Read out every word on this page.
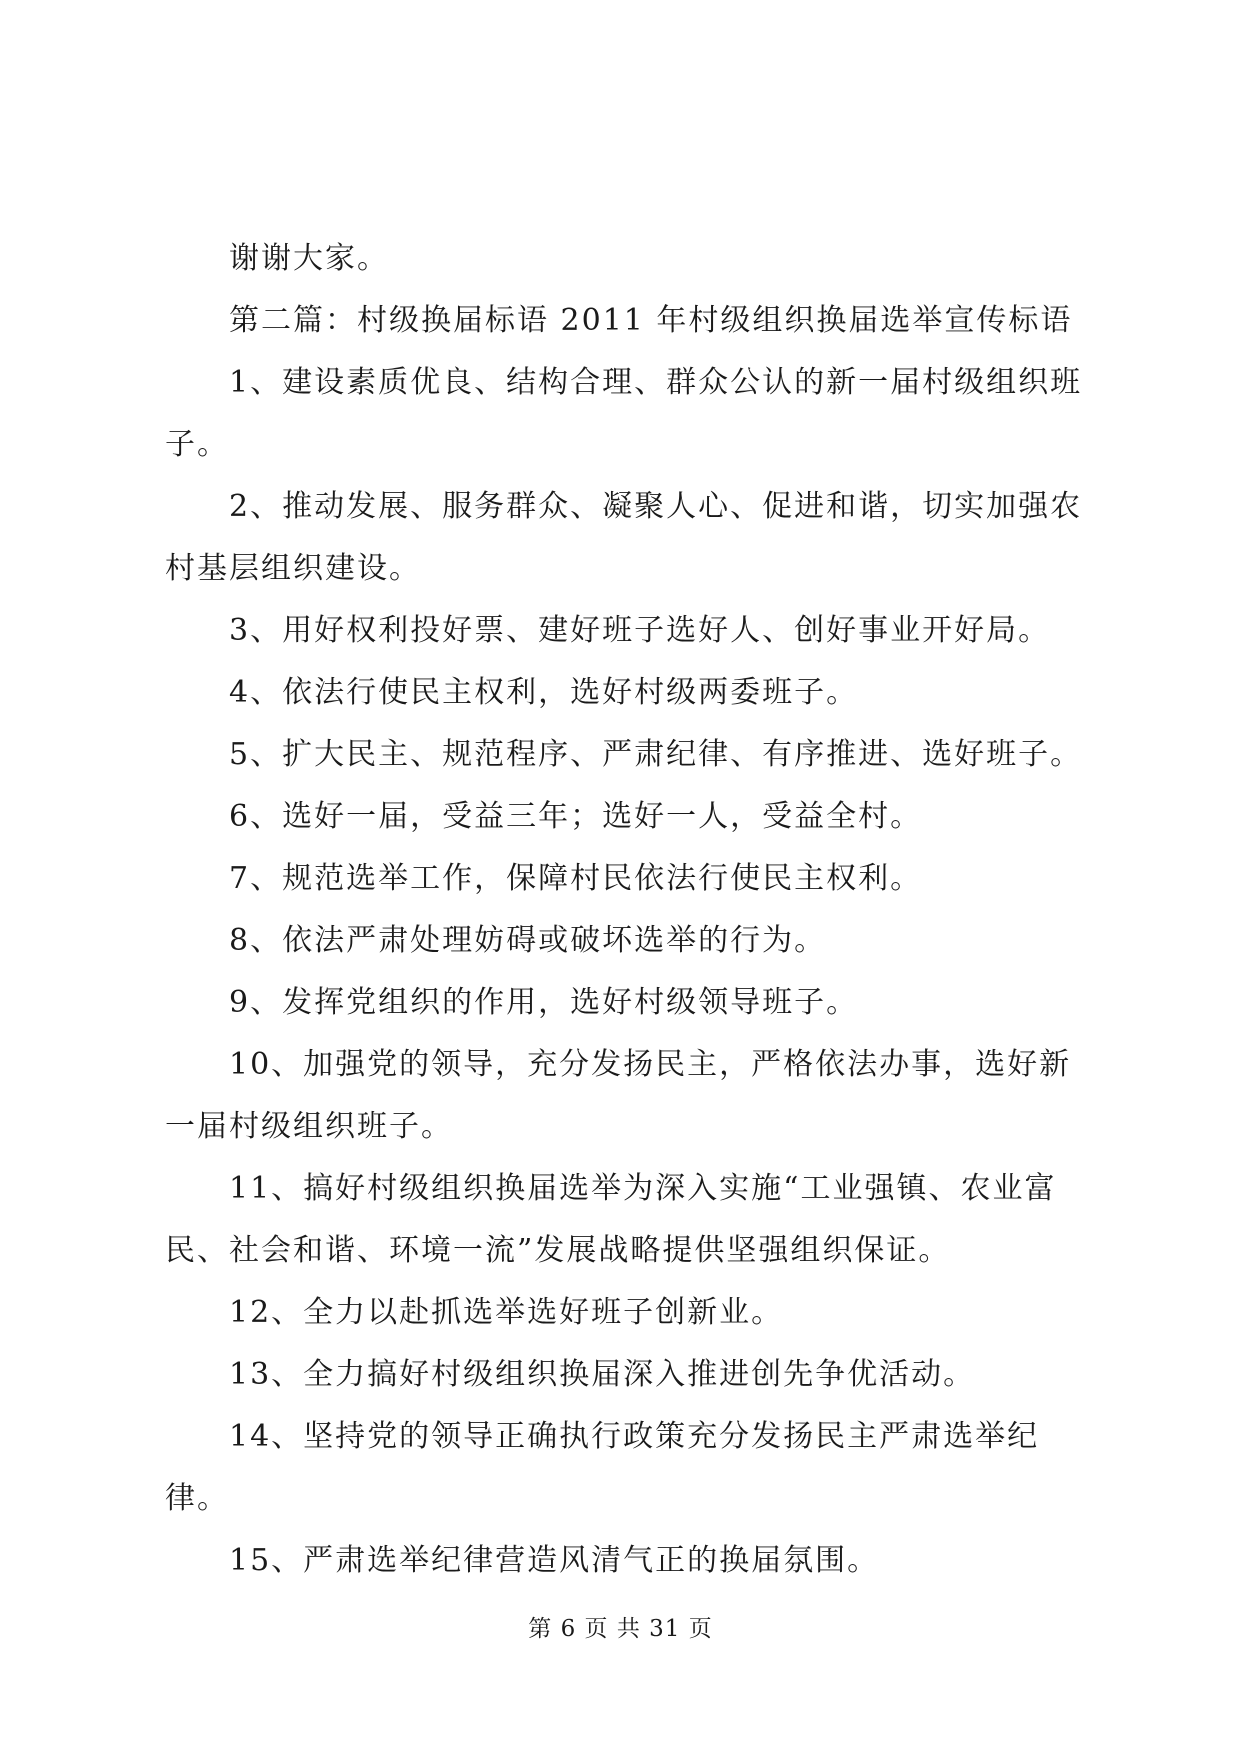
谢谢大家。

第二篇：村级换届标语 2011 年村级组织换届选举宣传标语

1、建设素质优良、结构合理、群众公认的新一届村级组织班子。

2、推动发展、服务群众、凝聚人心、促进和谐，切实加强农村基层组织建设。

3、用好权利投好票、建好班子选好人、创好事业开好局。

4、依法行使民主权利，选好村级两委班子。

5、扩大民主、规范程序、严肃纪律、有序推进、选好班子。

6、选好一届，受益三年；选好一人，受益全村。

7、规范选举工作，保障村民依法行使民主权利。

8、依法严肃处理妨碍或破坏选举的行为。

9、发挥党组织的作用，选好村级领导班子。

10、加强党的领导，充分发扬民主，严格依法办事，选好新一届村级组织班子。

11、搞好村级组织换届选举为深入实施“工业强镇、农业富民、社会和谐、环境一流”发展战略提供坚强组织保证。

12、全力以赴抓选举选好班子创新业。

13、全力搞好村级组织换届深入推进创先争优活动。

14、坚持党的领导正确执行政策充分发扬民主严肃选举纪律。

15、严肃选举纪律营造风清气正的换届氛围。

第 6 页 共 31 页
